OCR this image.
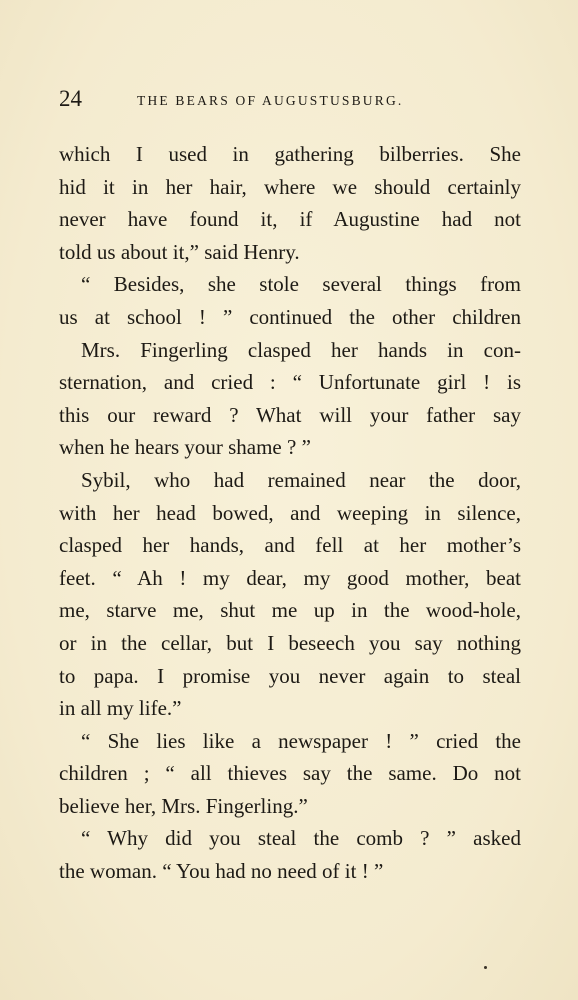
24	THE BEARS OF AUGUSTUSBURG.
which I used in gathering bilberries. She
hid it in her hair, where we should certainly
never have found it, if Augustine had not
told us about it,” said Henry.
“ Besides, she stole several things from
us at school ! ” continued the other children
Mrs. Fingerling clasped her hands in con-
sternation, and cried : “ Unfortunate girl ! is
this our reward ? What will your father say
when he hears your shame ? ”
Sybil, who had remained near the door,
with her head bowed, and weeping in silence,
clasped her hands, and fell at her mother’s
feet. “ Ah ! my dear, my good mother, beat
me, starve me, shut me up in the wood-hole,
or in the cellar, but I beseech you say nothing
to papa. I promise you never again to steal
in all my life.”
“ She lies like a newspaper ! ” cried the
children ; “ all thieves say the same. Do not
believe her, Mrs. Fingerling.”
“ Why did you steal the comb ? ” asked
the woman. “ You had no need of it ! ”
